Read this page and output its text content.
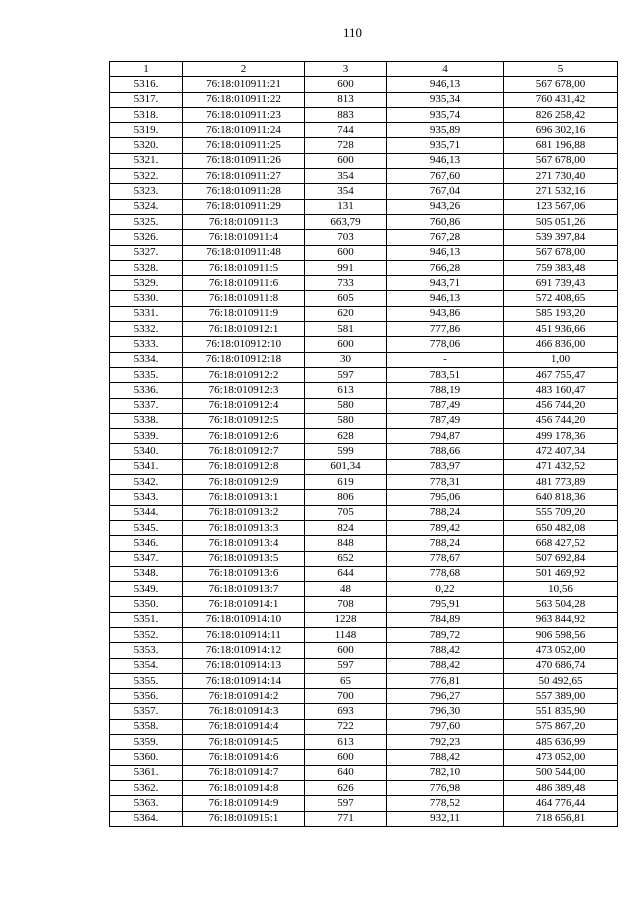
110
1	2	3	4	5
5316.	76:18:010911:21	600	946,13	567 678,00
5317.	76:18:010911:22	813	935,34	760 431,42
5318.	76:18:010911:23	883	935,74	826 258,42
5319.	76:18:010911:24	744	935,89	696 302,16
5320.	76:18:010911:25	728	935,71	681 196,88
5321.	76:18:010911:26	600	946,13	567 678,00
5322.	76:18:010911:27	354	767,60	271 730,40
5323.	76:18:010911:28	354	767,04	271 532,16
5324.	76:18:010911:29	131	943,26	123 567,06
5325.	76:18:010911:3	663,79	760,86	505 051,26
5326.	76:18:010911:4	703	767,28	539 397,84
5327.	76:18:010911:48	600	946,13	567 678,00
5328.	76:18:010911:5	991	766,28	759 383,48
5329.	76:18:010911:6	733	943,71	691 739,43
5330.	76:18:010911:8	605	946,13	572 408,65
5331.	76:18:010911:9	620	943,86	585 193,20
5332.	76:18:010912:1	581	777,86	451 936,66
5333.	76:18:010912:10	600	778,06	466 836,00
5334.	76:18:010912:18	30	-	1,00
5335.	76:18:010912:2	597	783,51	467 755,47
5336.	76:18:010912:3	613	788,19	483 160,47
5337.	76:18:010912:4	580	787,49	456 744,20
5338.	76:18:010912:5	580	787,49	456 744,20
5339.	76:18:010912:6	628	794,87	499 178,36
5340.	76:18:010912:7	599	788,66	472 407,34
5341.	76:18:010912:8	601,34	783,97	471 432,52
5342.	76:18:010912:9	619	778,31	481 773,89
5343.	76:18:010913:1	806	795,06	640 818,36
5344.	76:18:010913:2	705	788,24	555 709,20
5345.	76:18:010913:3	824	789,42	650 482,08
5346.	76:18:010913:4	848	788,24	668 427,52
5347.	76:18:010913:5	652	778,67	507 692,84
5348.	76:18:010913:6	644	778,68	501 469,92
5349.	76:18:010913:7	48	0,22	10,56
5350.	76:18:010914:1	708	795,91	563 504,28
5351.	76:18:010914:10	1228	784,89	963 844,92
5352.	76:18:010914:11	1148	789,72	906 598,56
5353.	76:18:010914:12	600	788,42	473 052,00
5354.	76:18:010914:13	597	788,42	470 686,74
5355.	76:18:010914:14	65	776,81	50 492,65
5356.	76:18:010914:2	700	796,27	557 389,00
5357.	76:18:010914:3	693	796,30	551 835,90
5358.	76:18:010914:4	722	797,60	575 867,20
5359.	76:18:010914:5	613	792,23	485 636,99
5360.	76:18:010914:6	600	788,42	473 052,00
5361.	76:18:010914:7	640	782,10	500 544,00
5362.	76:18:010914:8	626	776,98	486 389,48
5363.	76:18:010914:9	597	778,52	464 776,44
5364.	76:18:010915:1	771	932,11	718 656,81
